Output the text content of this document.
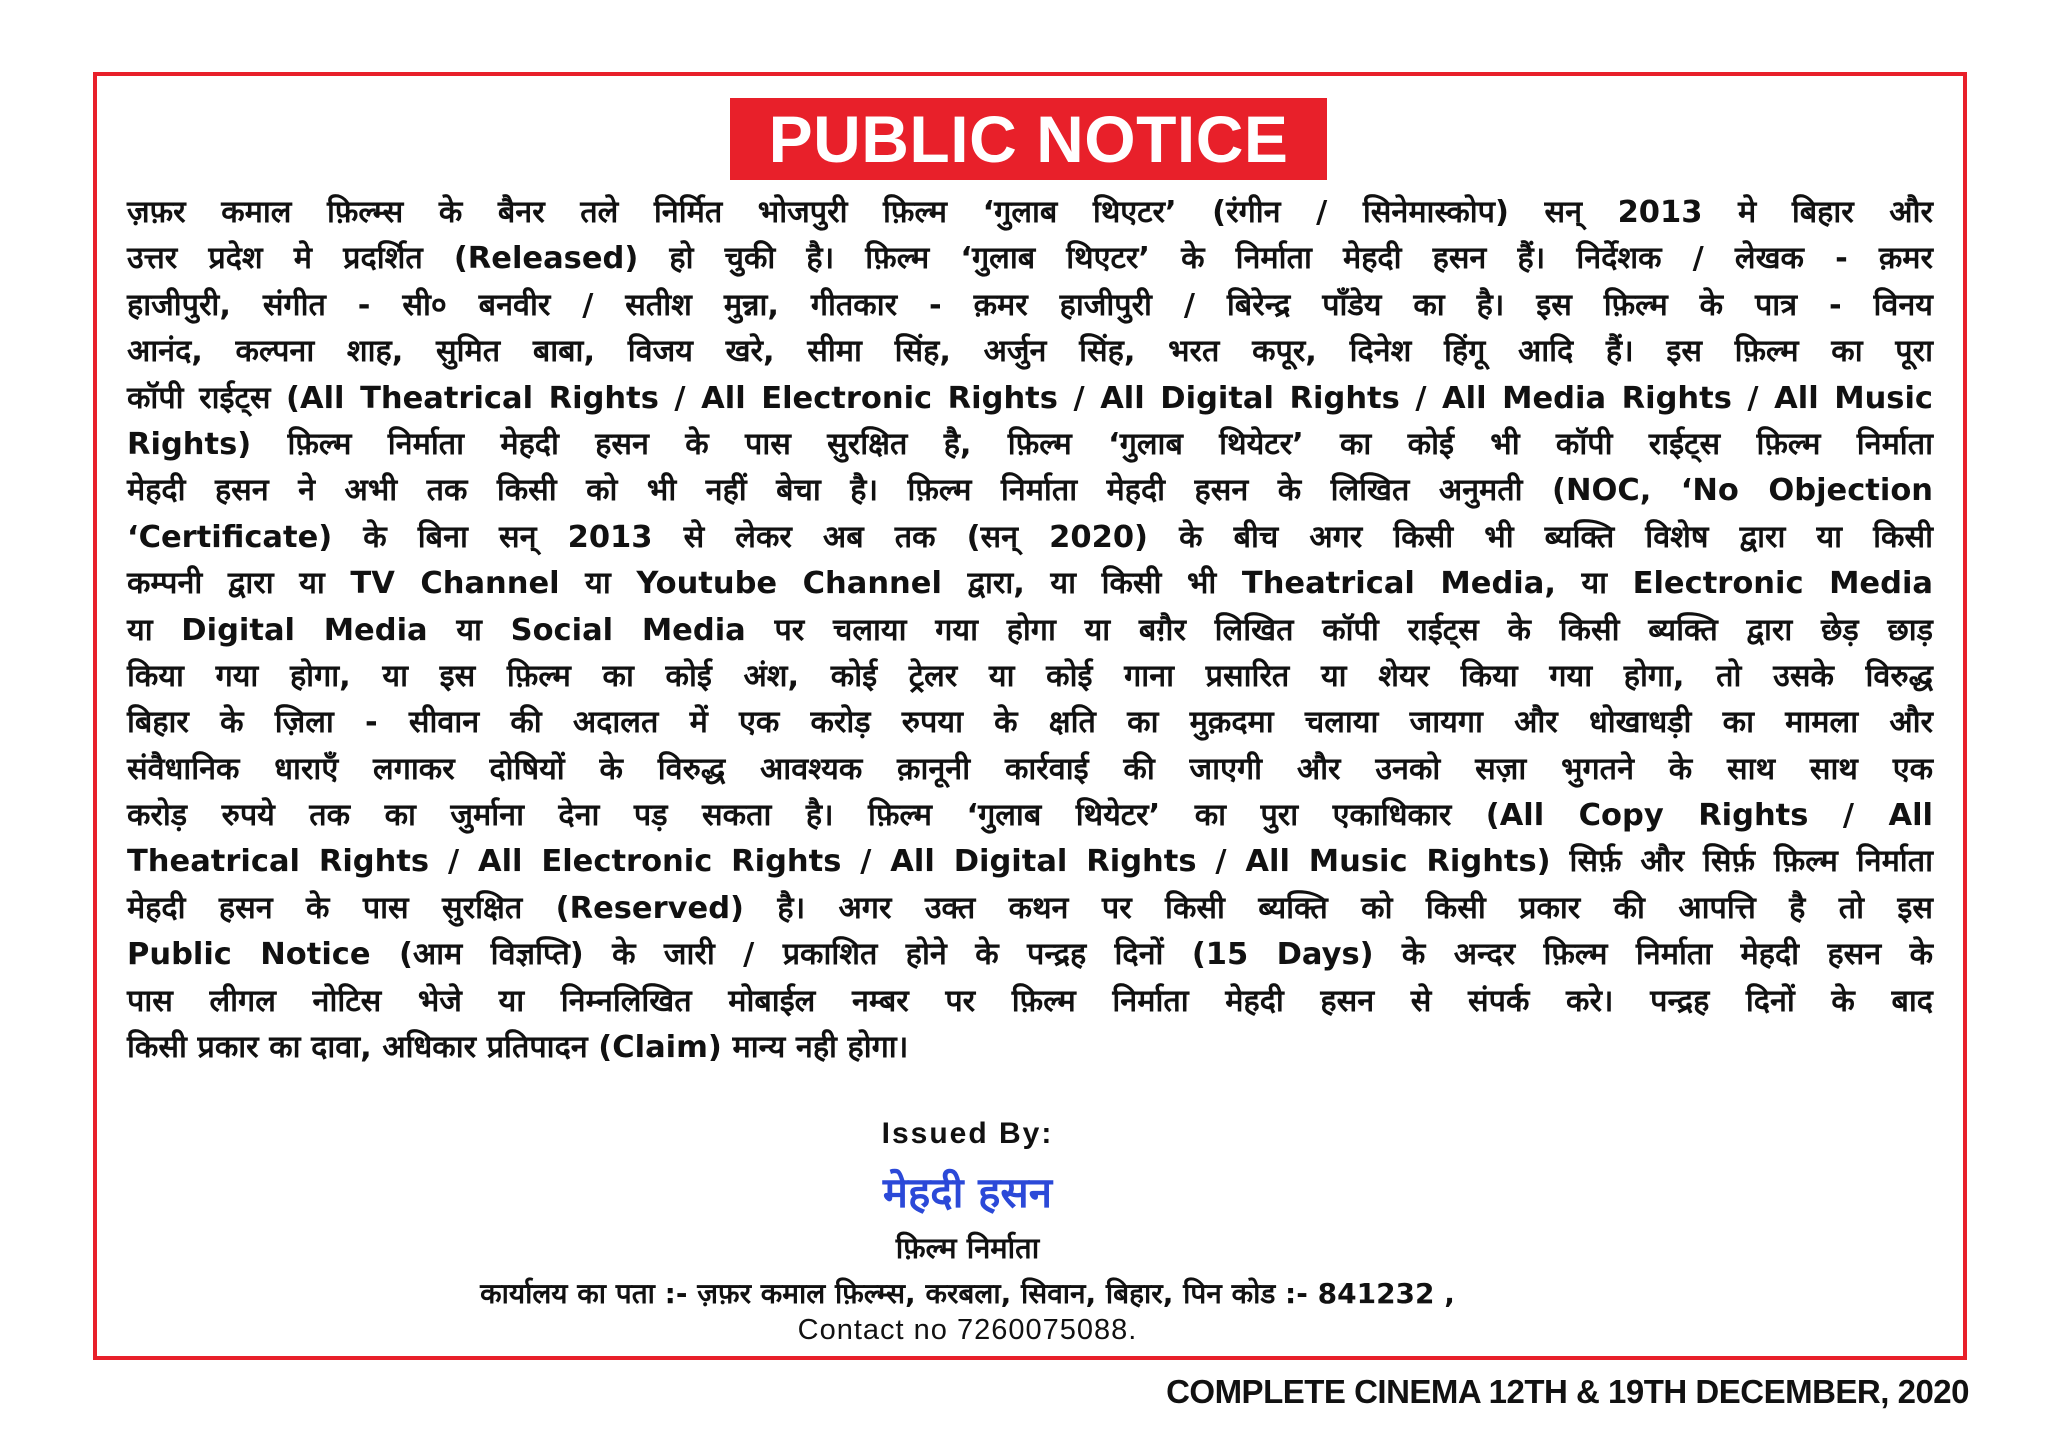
PUBLIC NOTICE
ज़फ़र कमाल फ़िल्म्स के बैनर तले निर्मित भोजपुरी फ़िल्म ‘गुलाब थिएटर’ (रंगीन / सिनेमास्कोप) सन् 2013 मे बिहार और
उत्तर प्रदेश मे प्रदर्शित (Released) हो चुकी है। फ़िल्म ‘गुलाब थिएटर’ के निर्माता मेहदी हसन हैं। निर्देशक / लेखक - क़मर
हाजीपुरी, संगीत - सी० बनवीर / सतीश मुन्ना, गीतकार - क़मर हाजीपुरी / बिरेन्द्र पाँडेय का है। इस फ़िल्म के पात्र - विनय
आनंद, कल्पना शाह, सुमित बाबा, विजय खरे, सीमा सिंह, अर्जुन सिंह, भरत कपूर, दिनेश हिंगू आदि हैं। इस फ़िल्म का पूरा
कॉपी राईट्स (All Theatrical Rights / All Electronic Rights / All Digital Rights / All Media Rights / All Music
Rights) फ़िल्म निर्माता मेहदी हसन के पास सुरक्षित है, फ़िल्म ‘गुलाब थियेटर’ का कोई भी कॉपी राईट्स फ़िल्म निर्माता
मेहदी हसन ने अभी तक किसी को भी नहीं बेचा है। फ़िल्म निर्माता मेहदी हसन के लिखित अनुमती (NOC, ‘No Objection
‘Certificate) के बिना सन् 2013 से लेकर अब तक (सन् 2020) के बीच अगर किसी भी ब्यक्ति विशेष द्वारा या किसी
कम्पनी द्वारा या TV Channel या Youtube Channel द्वारा, या किसी भी Theatrical Media, या Electronic Media
या Digital Media या Social Media पर चलाया गया होगा या बग़ैर लिखित कॉपी राईट्स के किसी ब्यक्ति द्वारा छेड़ छाड़
किया गया होगा, या इस फ़िल्म का कोई अंश, कोई ट्रेलर या कोई गाना प्रसारित या शेयर किया गया होगा, तो उसके विरुद्ध
बिहार के ज़िला - सीवान की अदालत में एक करोड़ रुपया के क्षति का मुक़दमा चलाया जायगा और धोखाधड़ी का मामला और
संवैधानिक धाराएँ लगाकर दोषियों के विरुद्ध आवश्यक क़ानूनी कार्रवाई की जाएगी और उनको सज़ा भुगतने के साथ साथ एक
करोड़ रुपये तक का जुर्माना देना पड़ सकता है। फ़िल्म ‘गुलाब थियेटर’ का पुरा एकाधिकार (All Copy Rights / All
Theatrical Rights / All Electronic Rights / All Digital Rights / All Music Rights) सिर्फ़ और सिर्फ़ फ़िल्म निर्माता
मेहदी हसन के पास सुरक्षित (Reserved) है। अगर उक्त कथन पर किसी ब्यक्ति को किसी प्रकार की आपत्ति है तो इस
Public Notice (आम विज्ञप्ति) के जारी / प्रकाशित होने के पन्द्रह दिनों (15 Days) के अन्दर फ़िल्म निर्माता मेहदी हसन के
पास लीगल नोटिस भेजे या निम्नलिखित मोबाईल नम्बर पर फ़िल्म निर्माता मेहदी हसन से संपर्क करे। पन्द्रह दिनों के बाद
किसी प्रकार का दावा, अधिकार प्रतिपादन (Claim) मान्य नही होगा।
Issued By:
मेहदी हसन
फ़िल्म निर्माता
कार्यालय का पता :- ज़फ़र कमाल फ़िल्म्स, करबला, सिवान, बिहार, पिन कोड :- 841232 ,
Contact no 7260075088.
COMPLETE CINEMA 12TH & 19TH DECEMBER, 2020
